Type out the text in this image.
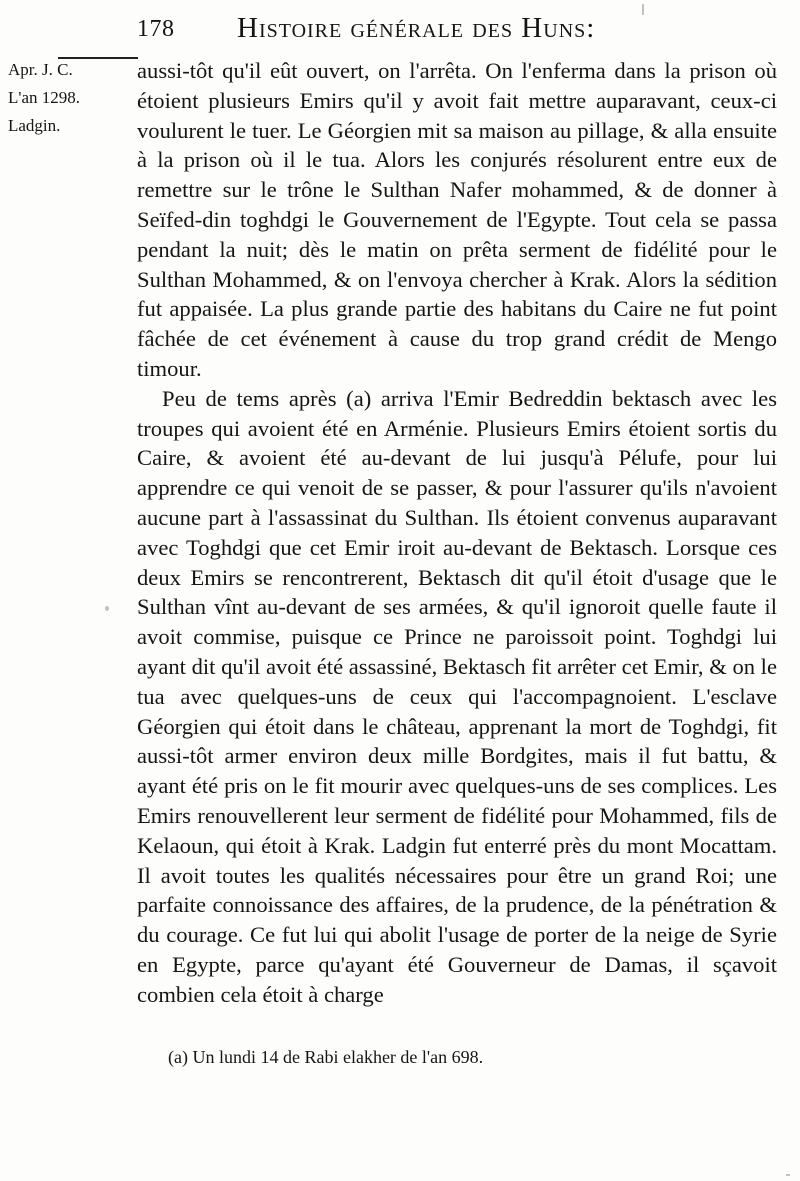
178 Histoire générale des Huns:
Apr. J. C.
L'an 1298.
Ladgin.

aussi-tôt qu'il eût ouvert, on l'arrêta. On l'enferma dans la prison où étoient plusieurs Emirs qu'il y avoit fait mettre auparavant, ceux-ci voulurent le tuer. Le Géorgien mit sa maison au pillage, & alla ensuite à la prison où il le tua. Alors les conjurés résolurent entre eux de remettre sur le trône le Sulthan Nafer mohammed, & de donner à Seïfed-din toghdgi le Gouvernement de l'Egypte. Tout cela se passa pendant la nuit; dès le matin on prêta serment de fidélité pour le Sulthan Mohammed, & on l'envoya chercher à Krak. Alors la sédition fut appaisée. La plus grande partie des habitans du Caire ne fut point fâchée de cet événement à cause du trop grand crédit de Mengo timour.

Peu de tems après (a) arriva l'Emir Bedreddin bektasch avec les troupes qui avoient été en Arménie. Plusieurs Emirs étoient sortis du Caire, & avoient été au-devant de lui jusqu'à Pélufe, pour lui apprendre ce qui venoit de se passer, & pour l'assurer qu'ils n'avoient aucune part à l'assassinat du Sulthan. Ils étoient convenus auparavant avec Toghdgi que cet Emir iroit au-devant de Bektasch. Lorsque ces deux Emirs se rencontrerent, Bektasch dit qu'il étoit d'usage que le Sulthan vînt au-devant de ses armées, & qu'il ignoroit quelle faute il avoit commise, puisque ce Prince ne paroissoit point. Toghdgi lui ayant dit qu'il avoit été assassiné, Bektasch fit arrêter cet Emir, & on le tua avec quelques-uns de ceux qui l'accompagnoient. L'esclave Géorgien qui étoit dans le château, apprenant la mort de Toghdgi, fit aussi-tôt armer environ deux mille Bordgites, mais il fut battu, & ayant été pris on le fit mourir avec quelques-uns de ses complices. Les Emirs renouvellerent leur serment de fidélité pour Mohammed, fils de Kelaoun, qui étoit à Krak. Ladgin fut enterré près du mont Mocattam. Il avoit toutes les qualités nécessaires pour être un grand Roi; une parfaite connoissance des affaires, de la prudence, de la pénétration & du courage. Ce fut lui qui abolit l'usage de porter de la neige de Syrie en Egypte, parce qu'ayant été Gouverneur de Damas, il sçavoit combien cela étoit à charge

(a) Un lundi 14 de Rabi elakher de l'an 698.
